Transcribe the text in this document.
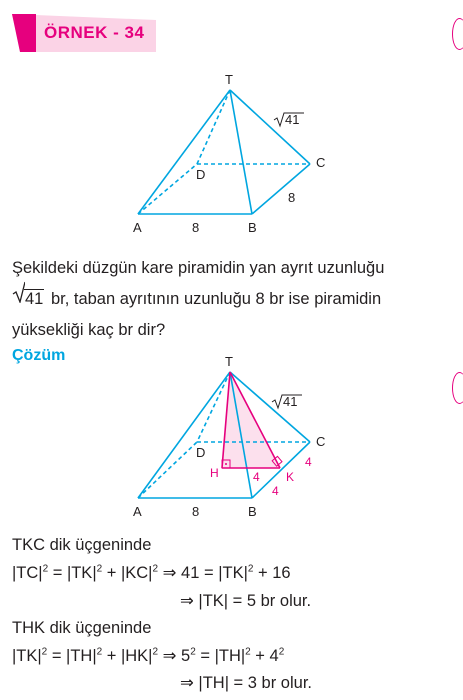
ÖRNEK - 34
T
A	B
C
D
8
8
41
Şekildeki düzgün kare piramidin yan ayrıt uzunluğu
41 br, taban ayrıtının uzunluğu 8 br ise piramidin
yüksekliği kaç br dir?
Çözüm	T
A	B
C
D
8
41
H	K
4
4
4
TKC dik üçgeninde
$|TC|^2 = |TK|^2 + |KC|^2$ ⇒ $41 = |TK|^2 + 16$
⇒ |TK| = 5 br olur.
THK dik üçgeninde
$|TK|^2 = |TH|^2 + |HK|^2$ ⇒ $5^2 = |TH|^2 + 4^2$
⇒ |TH| = 3 br olur.
